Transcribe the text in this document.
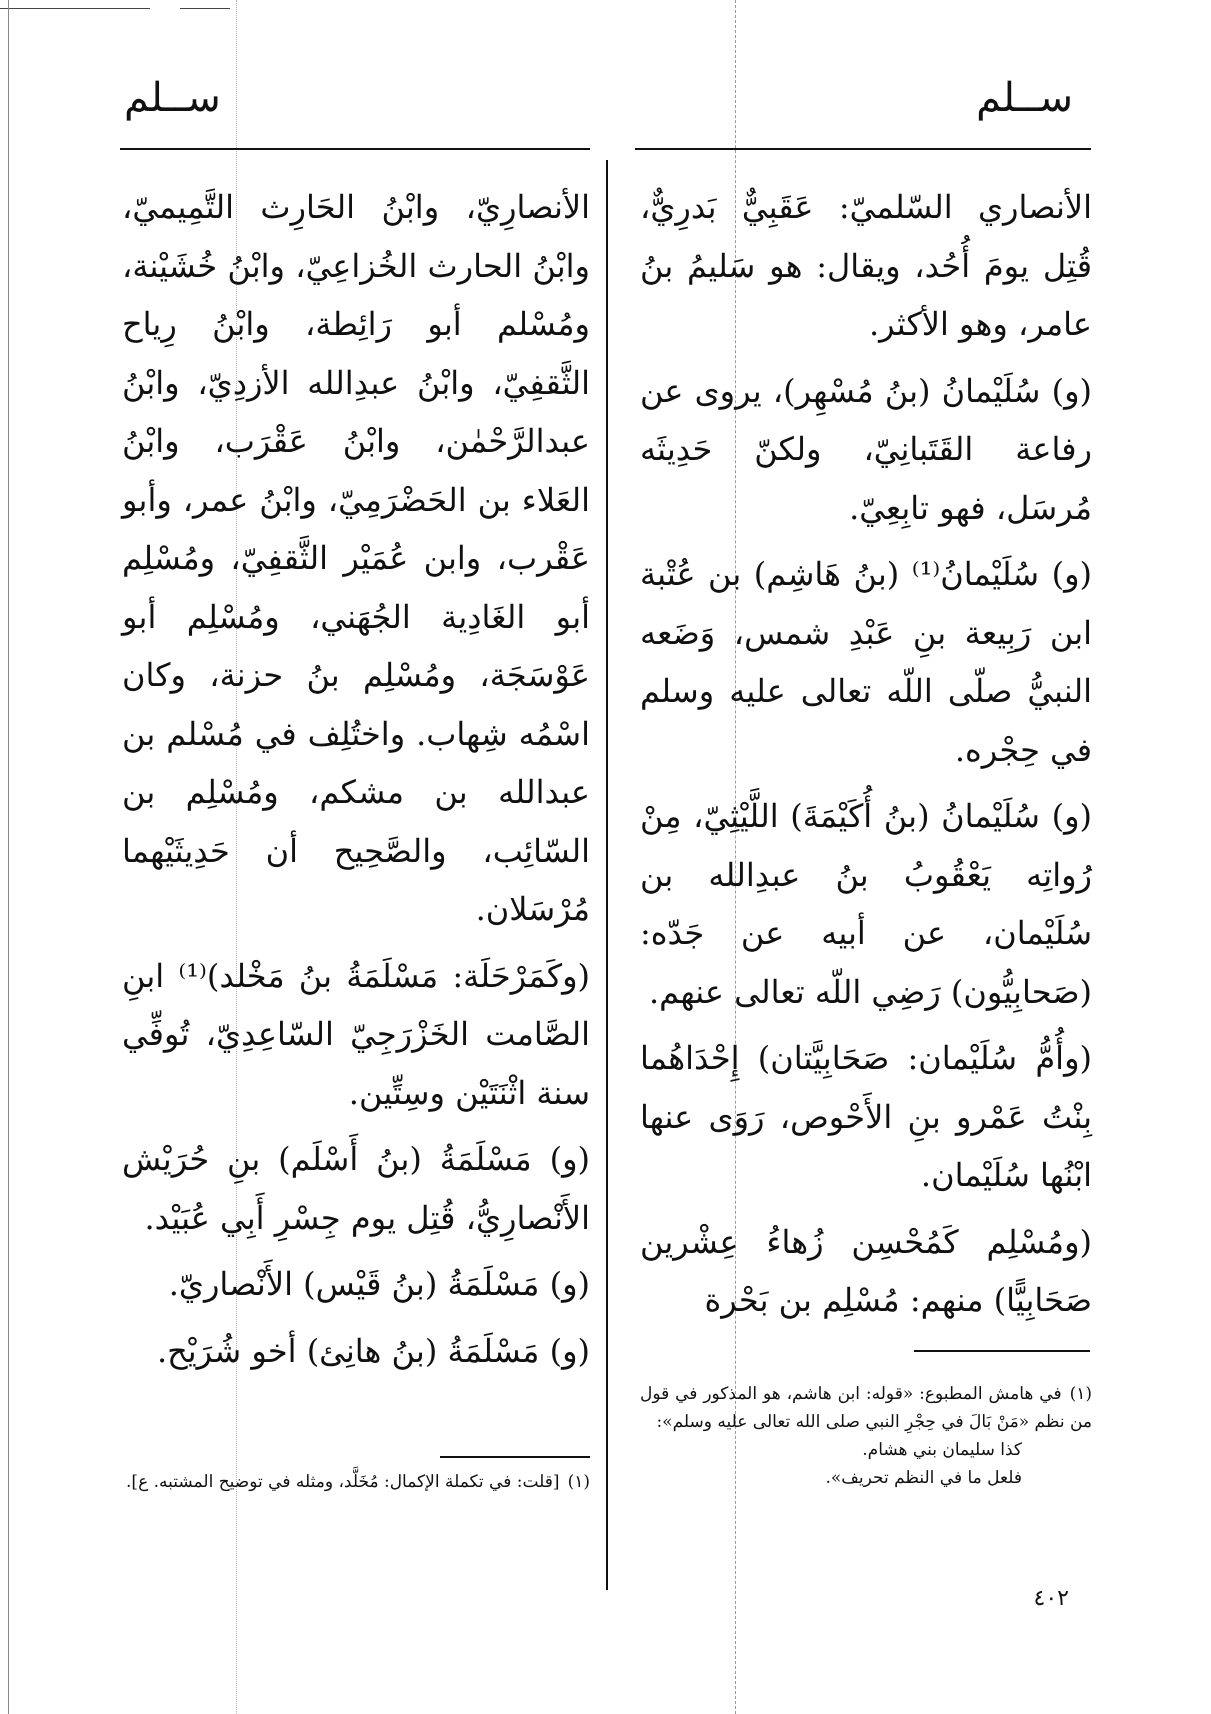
ســلم
ســلم

الأنصاري السّلميّ: عَقَبِيٌّ بَدرِيٌّ، قُتِل يومَ أُحُد، ويقال: هو سَليمُ بنُ عامر، وهو الأكثر.

(و) سُلَيْمانُ (بنُ مُسْهِر)، يروى عن رفاعة القَتَبانِيّ، ولكنّ حَدِيثَه مُرسَل، فهو تابِعِيّ.

(و) سُلَيْمانُ⁽¹⁾ (بنُ هَاشِم) بن عُتْبة ابن رَبِيعة بنِ عَبْدِ شمس، وَضَعه النبيُّ صلّى اللّه تعالى عليه وسلم في حِجْره.

(و) سُلَيْمانُ (بنُ أُكَيْمَةَ) اللَّيْثِيّ، مِنْ رُواتِه يَعْقُوبُ بنُ عبدِالله بن سُلَيْمان، عن أبيه عن جَدّه: (صَحابِيُّون) رَضِي اللّه تعالى عنهم.

(وأُمُّ سُلَيْمان: صَحَابِيَّتان) إِحْدَاهُما بِنْتُ عَمْرو بنِ الأَحْوص، رَوَى عنها ابْنُها سُلَيْمان.

(ومُسْلِم كَمُحْسِن زُهاءُ عِشْرين صَحَابِيًّا) منهم: مُسْلِم بن بَحْرة

الأنصارِيّ، وابْنُ الحَارِث التَّمِيميّ، وابْنُ الحارث الخُزاعِيّ، وابْنُ خُشَيْنة، ومُسْلم أبو رَائِطة، وابْنُ رِياح الثَّقفِيّ، وابْنُ عبدِالله الأزدِيّ، وابْنُ عبدالرَّحْمٰن، وابْنُ عَقْرَب، وابْنُ العَلاء بن الحَضْرَمِيّ، وابْنُ عمر، وأبو عَقْرب، وابن عُمَيْر الثَّقفِيّ، ومُسْلِم أبو الغَادِية الجُهَني، ومُسْلِم أبو عَوْسَجَة، ومُسْلِم بنُ حزنة، وكان اسْمُه شِهاب. واختُلِف في مُسْلم بن عبدالله بن مشكم، ومُسْلِم بن السّائِب، والصَّحِيح أن حَدِيثَيْهما مُرْسَلان.

(وكَمَرْحَلَة: مَسْلَمَةُ بنُ مَخْلد)⁽¹⁾ ابنِ الصَّامت الخَزْرَجِيّ السّاعِدِيّ، تُوفِّي سنة اثْنَتَيْن وسِتِّين.

(و) مَسْلَمَةُ (بنُ أَسْلَم) بنِ حُرَيْش الأَنْصارِيُّ، قُتِل يوم جِسْرِ أَبِي عُبَيْد.

(و) مَسْلَمَةُ (بنُ قَيْس) الأَنْصاريّ.

(و) مَسْلَمَةُ (بنُ هانِئ) أخو شُرَيْح.

(١)في هامش المطبوع: «قوله: ابن هاشم، هو المذكور في قول من نظم «مَنْ بَالَ في حِجْرِ النبي صلى الله تعالى عليه وسلم»:
كذا سليمان بني هشام.
فلعل ما في النظم تحريف».
(١)[قلت: في تكملة الإكمال: مُخَلَّد، ومثله في توضيح المشتبه. ع].
٤٠٢
